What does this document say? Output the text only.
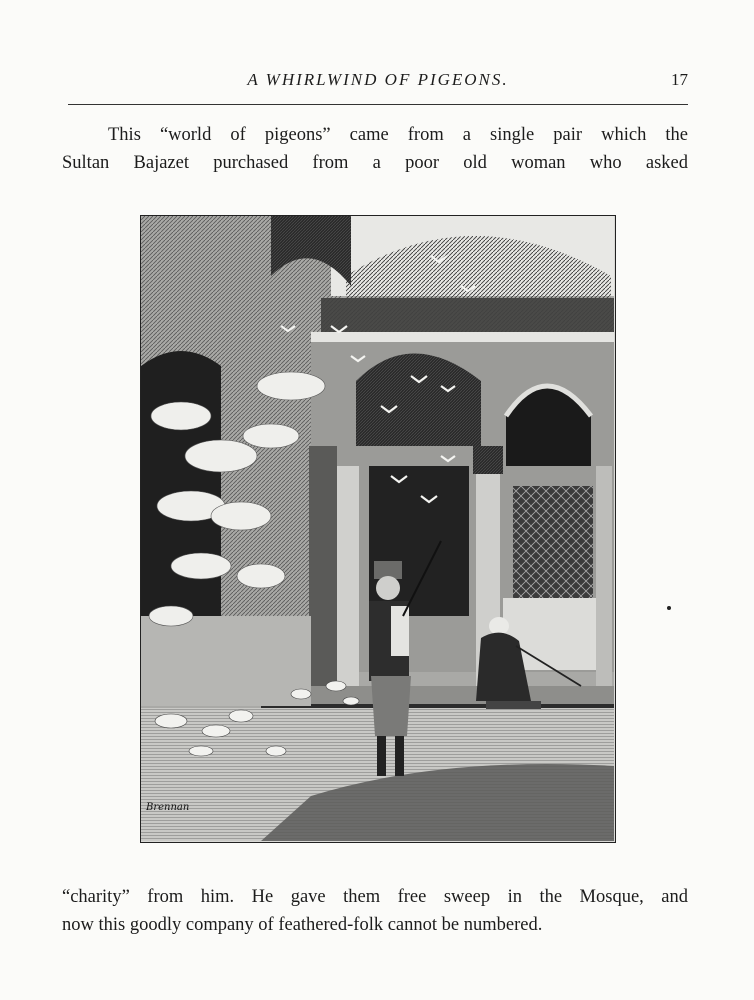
A WHIRLWIND OF PIGEONS.	17
This “world of pigeons” came from a single pair which the
Sultan Bajazet purchased from a poor old woman who asked
Brennan
“charity” from him. He gave them free sweep in the Mosque, and
now this goodly company of feathered-folk cannot be numbered.
